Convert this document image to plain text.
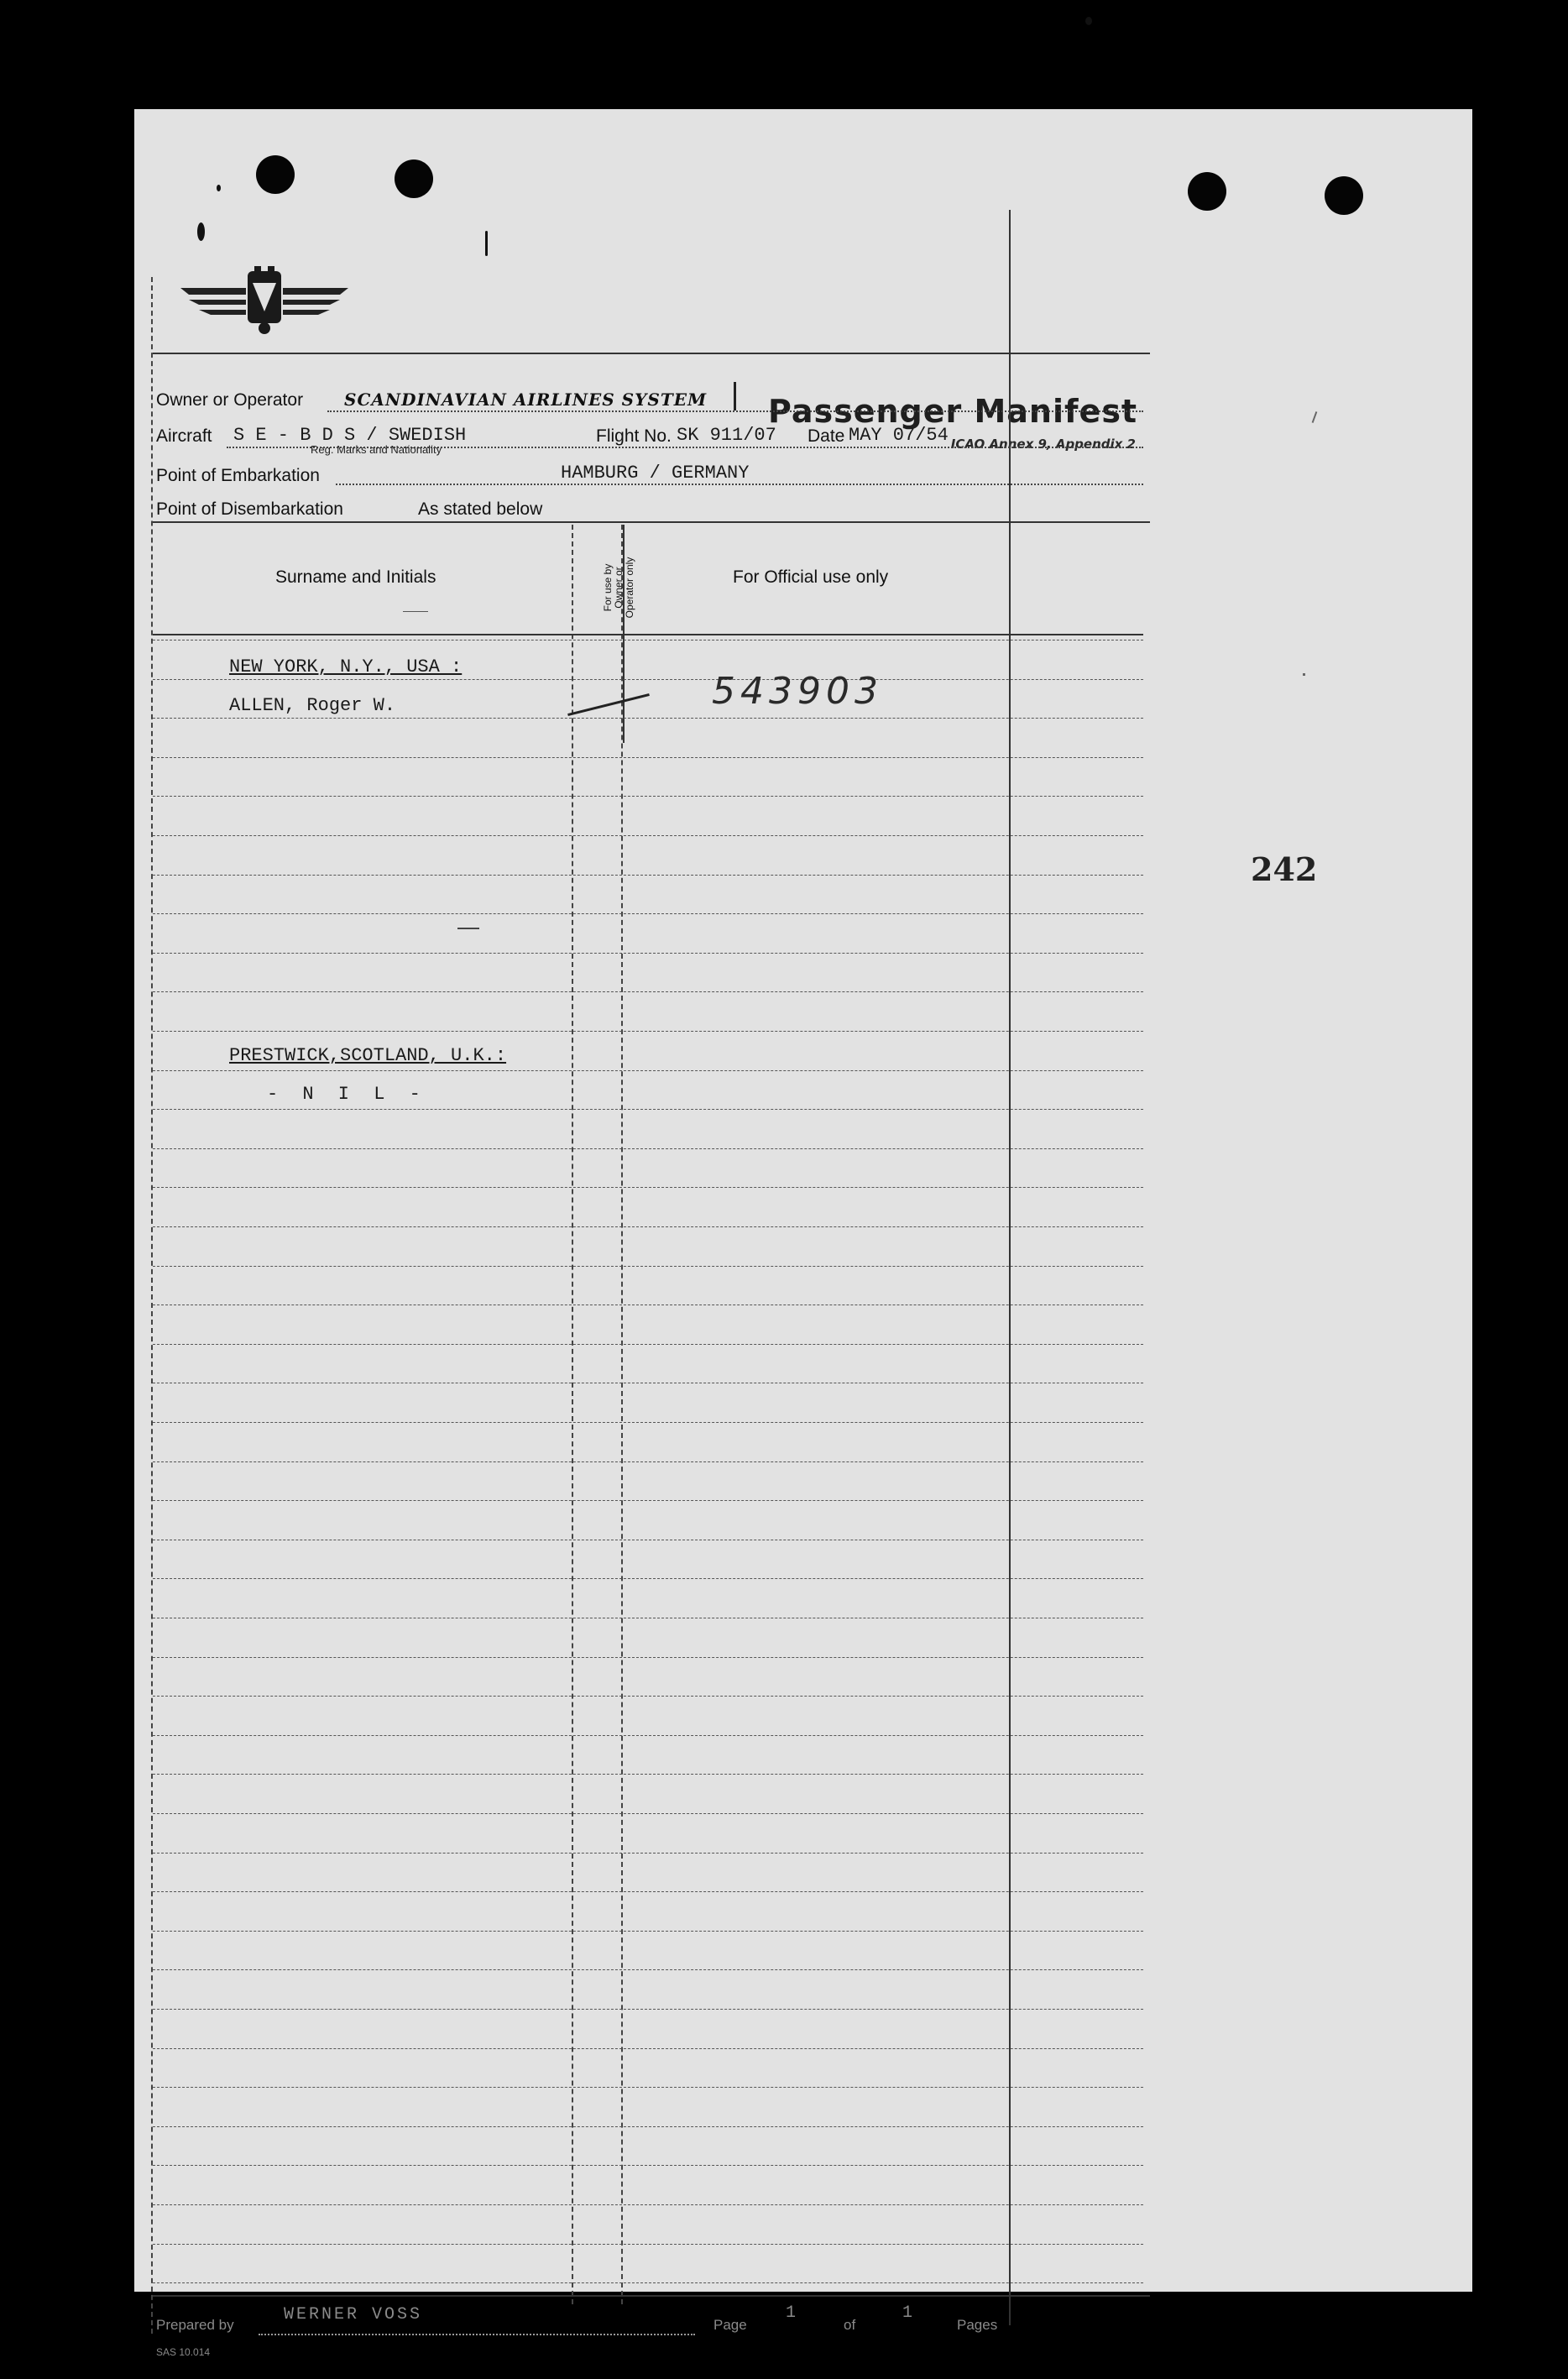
Passenger Manifest
ICAO Annex 9, Appendix 2
Owner or Operator SCANDINAVIAN AIRLINES SYSTEM
Aircraft S E - B D S / SWEDISH
Reg. Marks and Nationality
Flight No. SK 911/07 Date MAY 07/54
Point of Embarkation	HAMBURG / GERMANY
Point of Disembarkation	As stated below
Surname and Initials	For use by
Owner or
Operator only	For Official use only
NEW YORK, N.Y., USA :
ALLEN, Roger W.	543903
PRESTWICK,SCOTLAND, U.K.:
- N I L -
Prepared by
WERNER VOSS
Page
1
of
1
Pages
SAS 10.014
242
